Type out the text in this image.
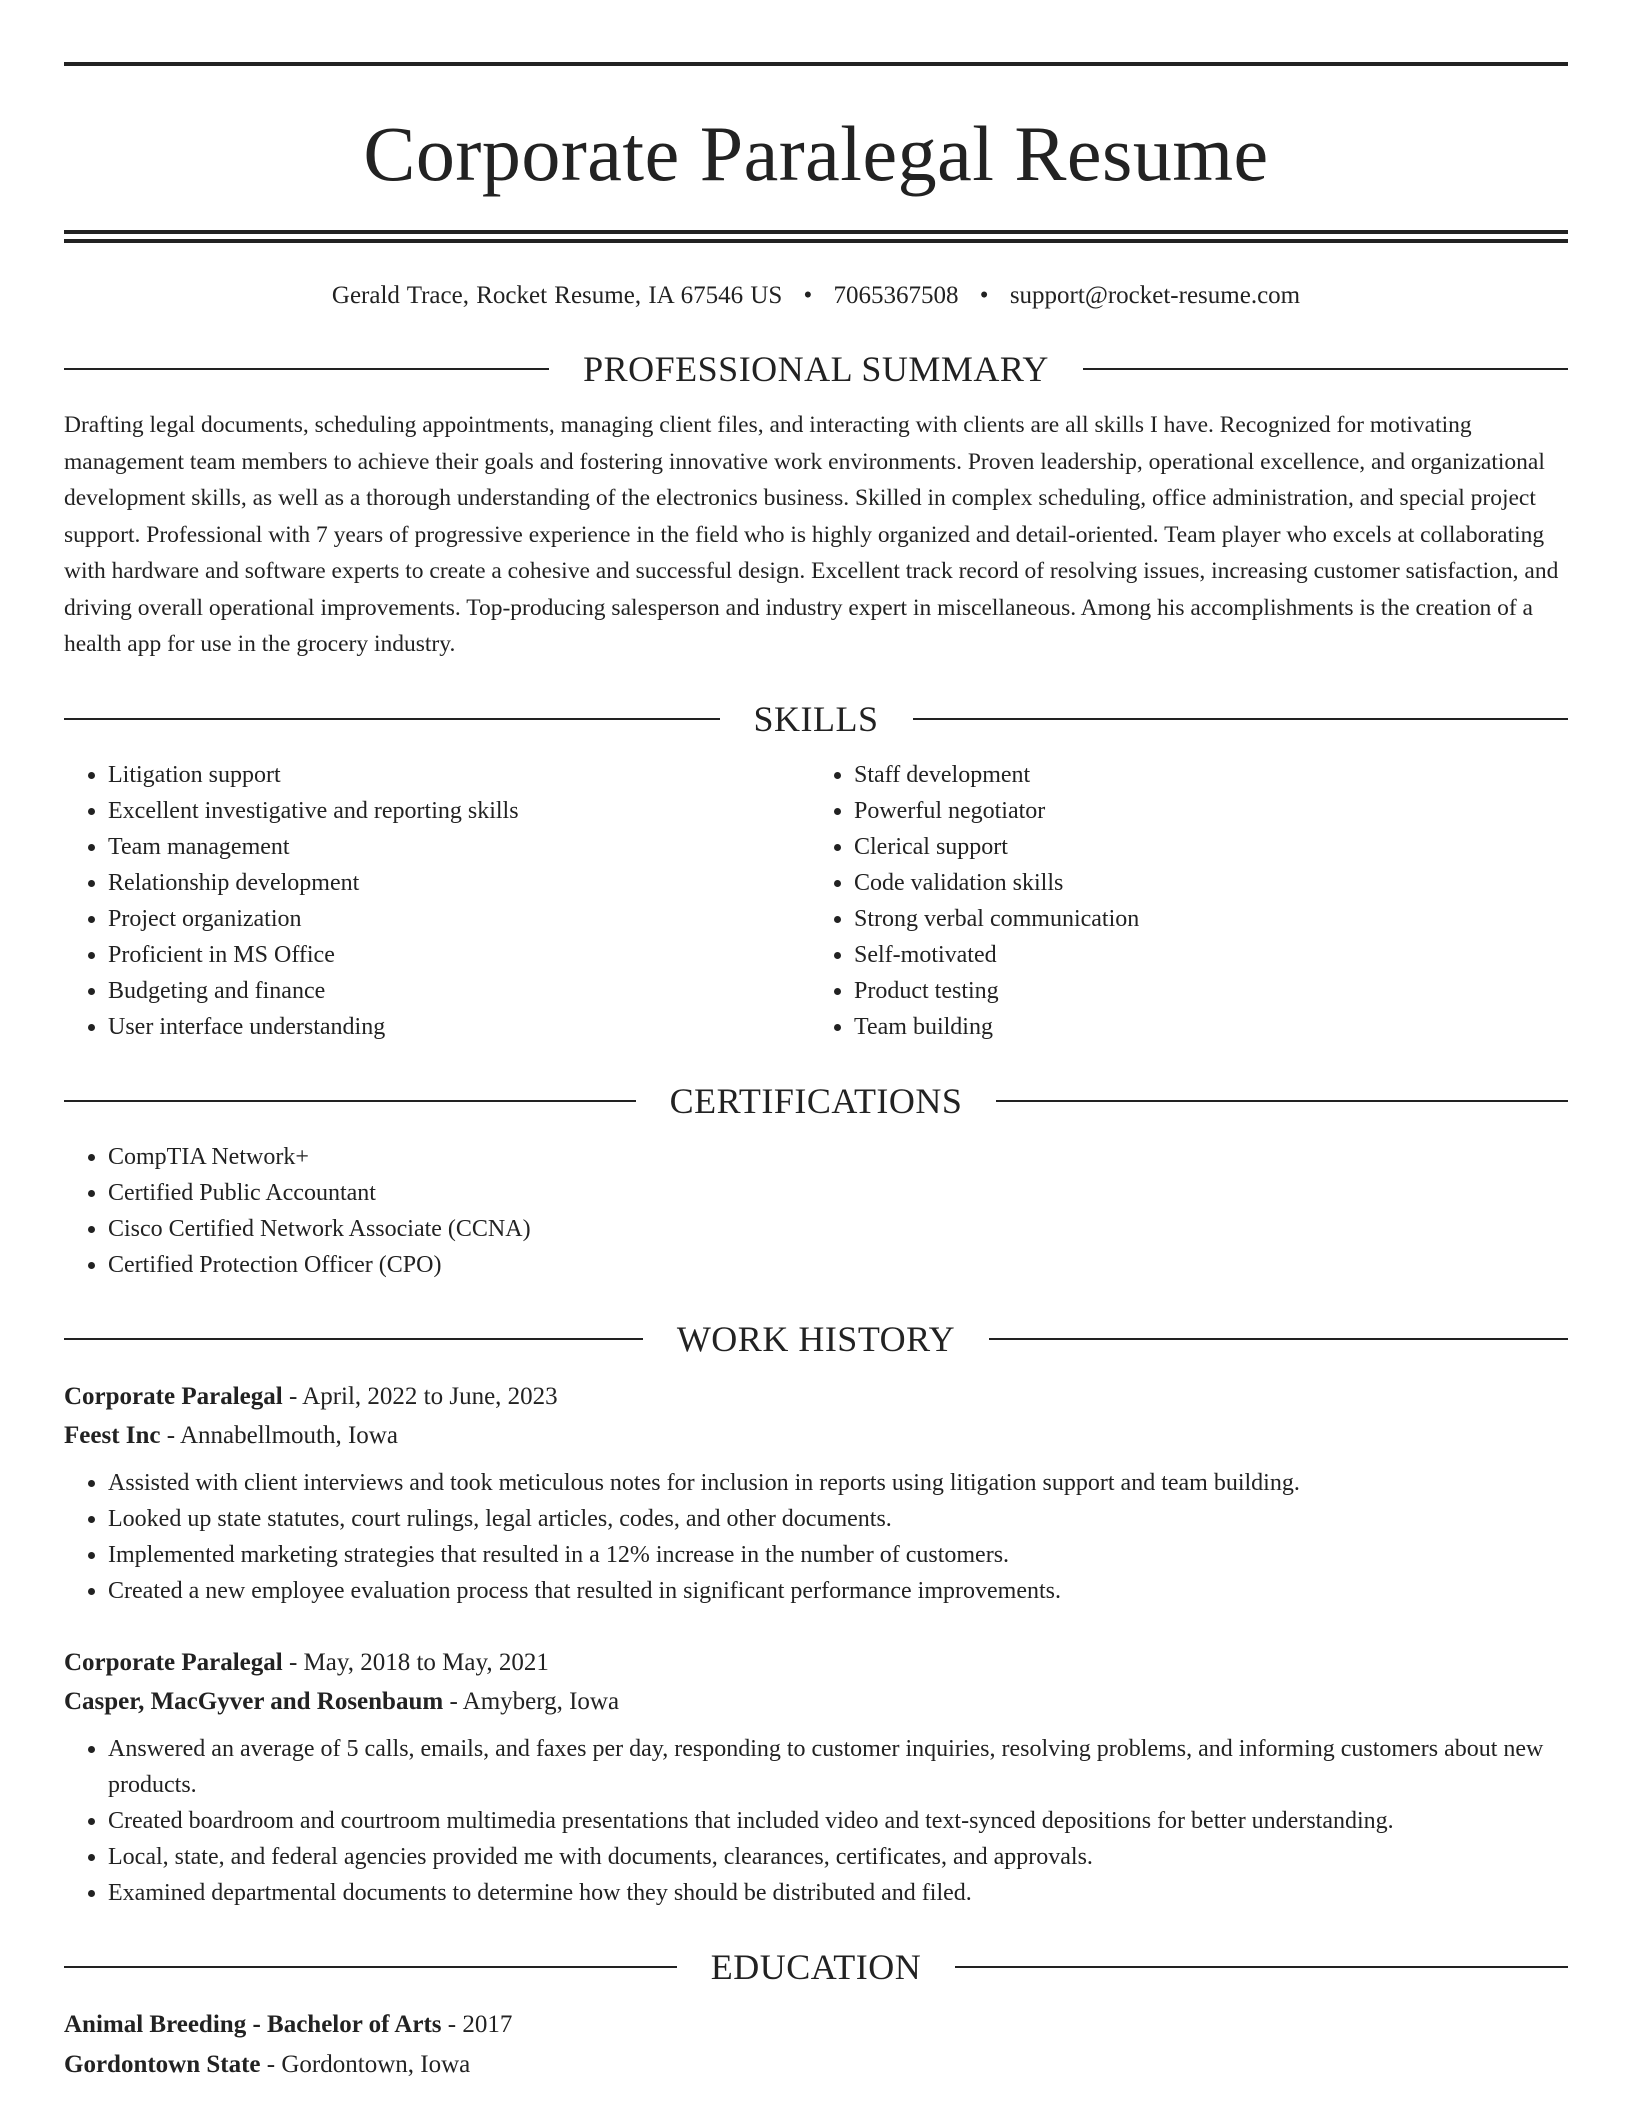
Corporate Paralegal Resume
Gerald Trace, Rocket Resume, IA 67546 US • 7065367508 • support@rocket-resume.com
PROFESSIONAL SUMMARY

Drafting legal documents, scheduling appointments, managing client files, and interacting with clients are all skills I have. Recognized for motivating management team members to achieve their goals and fostering innovative work environments. Proven leadership, operational excellence, and organizational development skills, as well as a thorough understanding of the electronics business. Skilled in complex scheduling, office administration, and special project support. Professional with 7 years of progressive experience in the field who is highly organized and detail-oriented. Team player who excels at collaborating with hardware and software experts to create a cohesive and successful design. Excellent track record of resolving issues, increasing customer satisfaction, and driving overall operational improvements. Top-producing salesperson and industry expert in miscellaneous. Among his accomplishments is the creation of a health app for use in the grocery industry.

SKILLS
• Litigation support
• Excellent investigative and reporting skills
• Team management
• Relationship development
• Project organization
• Proficient in MS Office
• Budgeting and finance
• User interface understanding
• Staff development
• Powerful negotiator
• Clerical support
• Code validation skills
• Strong verbal communication
• Self-motivated
• Product testing
• Team building
CERTIFICATIONS
• CompTIA Network+
• Certified Public Accountant
• Cisco Certified Network Associate (CCNA)
• Certified Protection Officer (CPO)
WORK HISTORY
Corporate Paralegal - April, 2022 to June, 2023
Feest Inc - Annabellmouth, Iowa
• Assisted with client interviews and took meticulous notes for inclusion in reports using litigation support and team building.
• Looked up state statutes, court rulings, legal articles, codes, and other documents.
• Implemented marketing strategies that resulted in a 12% increase in the number of customers.
• Created a new employee evaluation process that resulted in significant performance improvements.
Corporate Paralegal - May, 2018 to May, 2021
Casper, MacGyver and Rosenbaum - Amyberg, Iowa
• Answered an average of 5 calls, emails, and faxes per day, responding to customer inquiries, resolving problems, and informing customers about new products.
• Created boardroom and courtroom multimedia presentations that included video and text-synced depositions for better understanding.
• Local, state, and federal agencies provided me with documents, clearances, certificates, and approvals.
• Examined departmental documents to determine how they should be distributed and filed.
EDUCATION
Animal Breeding - Bachelor of Arts - 2017
Gordontown State - Gordontown, Iowa
